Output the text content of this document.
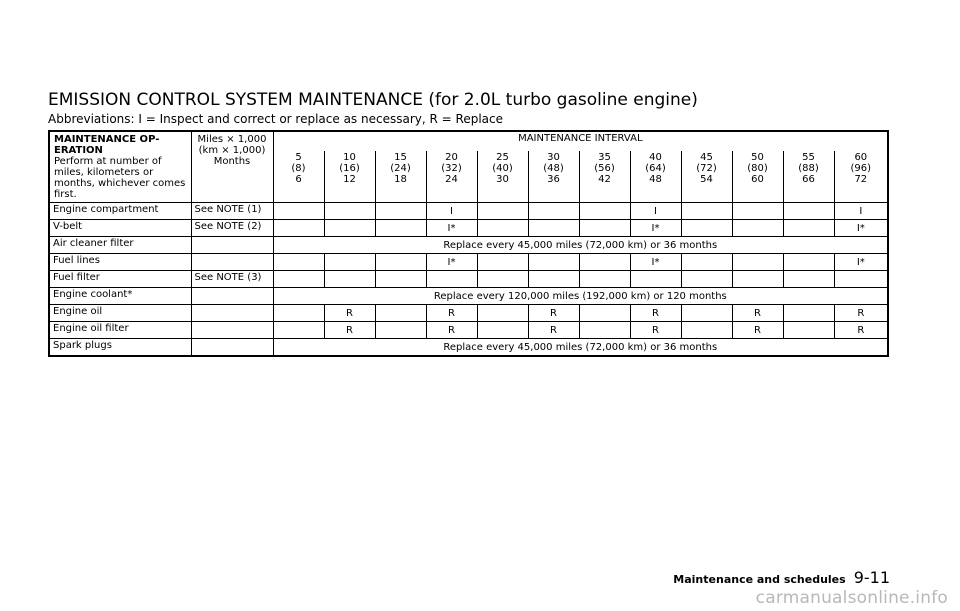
EMISSION CONTROL SYSTEM MAINTENANCE (for 2.0L turbo gasoline engine)

Abbreviations: I = Inspect and correct or replace as necessary, R = Replace

MAINTENANCE OP- ERATION
Perform at number of miles, kilometers or months, whichever comes first.	Miles × 1,000
(km × 1,000)
Months	MAINTENANCE INTERVAL											

		5
(8)
6	10
(16)
12	15
(24)
18	20
(32)
24	25
(40)
30	30
(48)
36	35
(56)
42	40
(64)
48	45
(72)
54	50
(80)
60	55
(88)
66	60
(96)
72

Engine compartment	See NOTE (1)				I				I				I
V-belt	See NOTE (2)				I*				I*				I*
Air cleaner filter		Replace every 45,000 miles (72,000 km) or 36 months											
Fuel lines					I*				I*				I*
Fuel filter	See NOTE (3)												
Engine coolant*		Replace every 120,000 miles (192,000 km) or 120 months											
Engine oil			R		R		R		R		R		R
Engine oil filter			R		R		R		R		R		R
Spark plugs		Replace every 45,000 miles (72,000 km) or 36 months											
Maintenance and schedules 9-11
carmanualsonline.info
